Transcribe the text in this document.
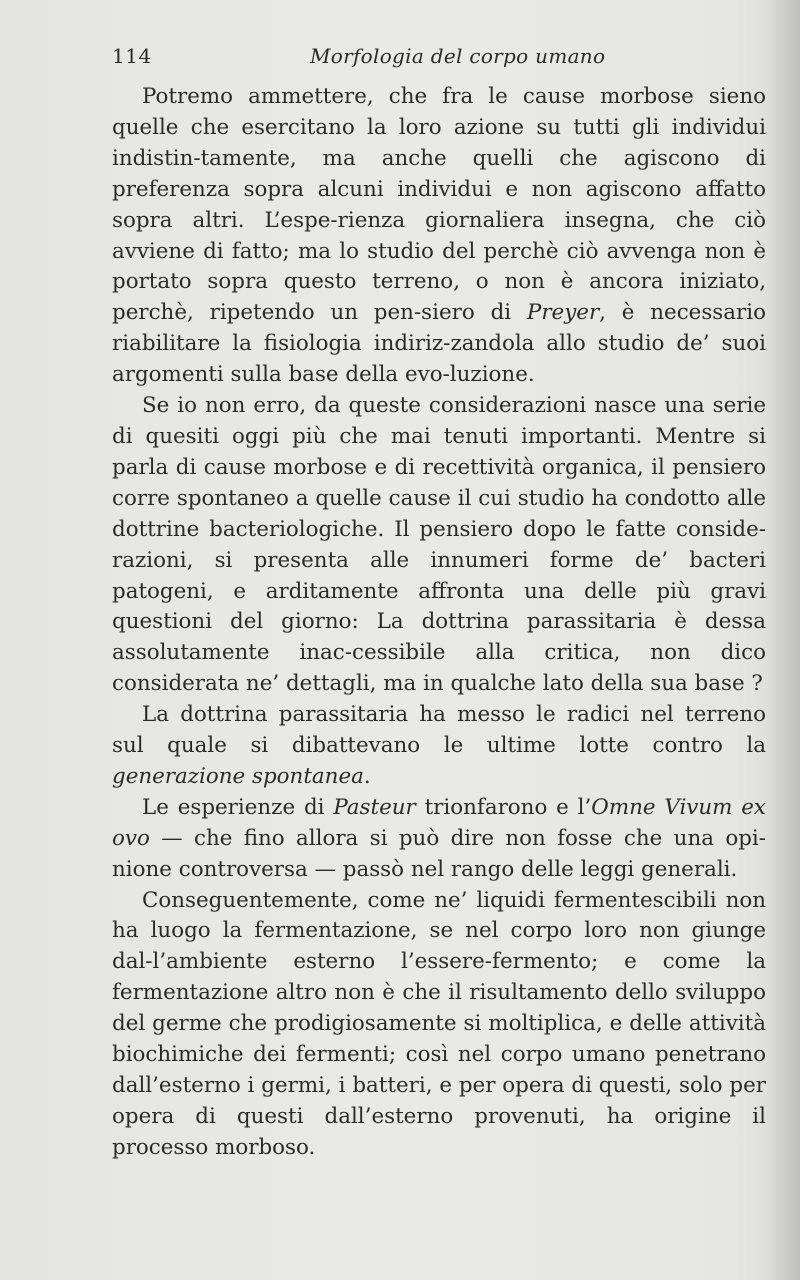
114	Morfologia del corpo umano

Potremo ammettere, che fra le cause morbose sieno quelle che esercitano la loro azione su tutti gli individui indistin-tamente, ma anche quelli che agiscono di preferenza sopra alcuni individui e non agiscono affatto sopra altri. L’espe-rienza giornaliera insegna, che ciò avviene di fatto; ma lo studio del perchè ciò avvenga non è portato sopra questo terreno, o non è ancora iniziato, perchè, ripetendo un pen-siero di Preyer, è necessario riabilitare la fisiologia indiriz-zandola allo studio de’ suoi argomenti sulla base della evo-luzione.

Se io non erro, da queste considerazioni nasce una serie di quesiti oggi più che mai tenuti importanti. Mentre si parla di cause morbose e di recettività organica, il pensiero corre spontaneo a quelle cause il cui studio ha condotto alle dottrine bacteriologiche. Il pensiero dopo le fatte conside-razioni, si presenta alle innumeri forme de’ bacteri patogeni, e arditamente affronta una delle più gravi questioni del giorno: La dottrina parassitaria è dessa assolutamente inac-cessibile alla critica, non dico considerata ne’ dettagli, ma in qualche lato della sua base ?

La dottrina parassitaria ha messo le radici nel terreno sul quale si dibattevano le ultime lotte contro la generazione spontanea.

Le esperienze di Pasteur trionfarono e l’Omne Vivum ex ovo — che fino allora si può dire non fosse che una opi-nione controversa — passò nel rango delle leggi generali.

Conseguentemente, come ne’ liquidi fermentescibili non ha luogo la fermentazione, se nel corpo loro non giunge dal-l’ambiente esterno l’essere-fermento; e come la fermentazione altro non è che il risultamento dello sviluppo del germe che prodigiosamente si moltiplica, e delle attività biochimiche dei fermenti; così nel corpo umano penetrano dall’esterno i germi, i batteri, e per opera di questi, solo per opera di questi dall’esterno provenuti, ha origine il processo morboso.
